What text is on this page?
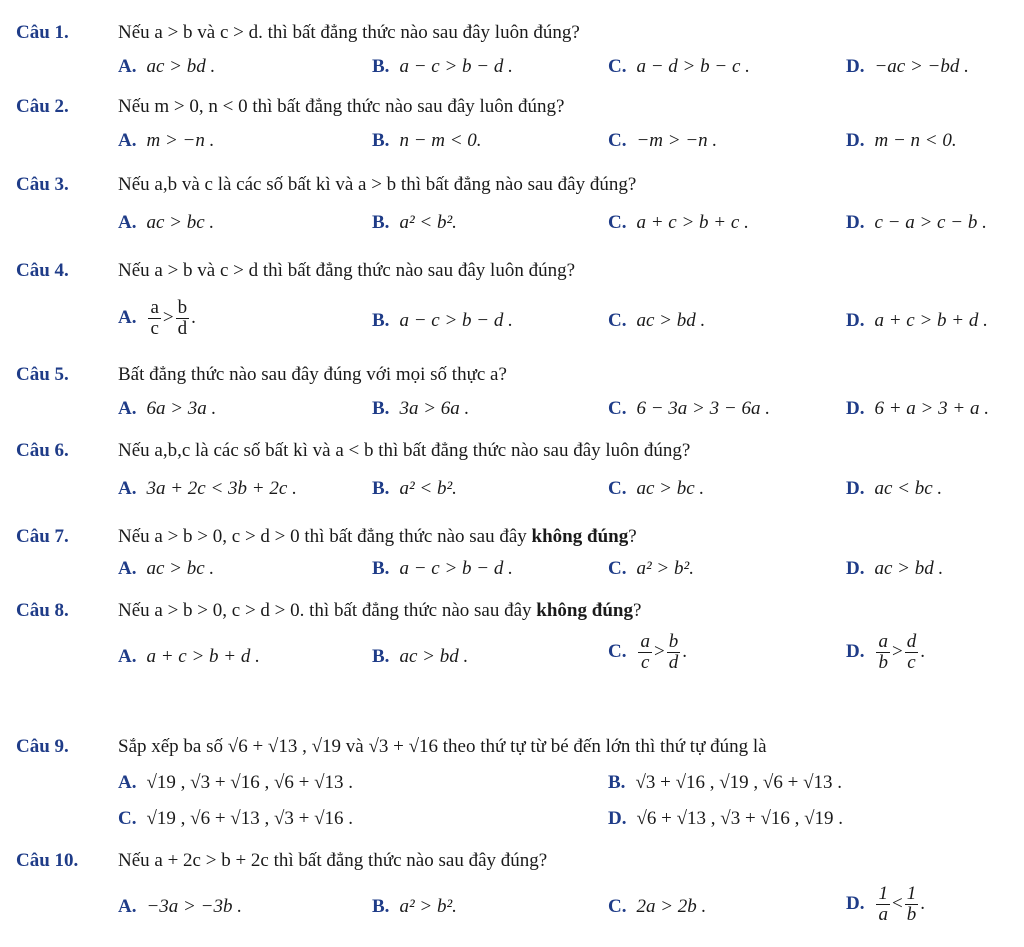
Câu 1.	Nếu a > b và c > d. thì bất đẳng thức nào sau đây luôn đúng?
A. ac > bd .	B. a − c > b − d .	C. a − d > b − c .	D. −ac > −bd .
Câu 2.	Nếu m > 0, n < 0 thì bất đẳng thức nào sau đây luôn đúng?
A. m > −n .	B. n − m < 0.	C. −m > −n .	D. m − n < 0.
Câu 3.	Nếu a,b và c là các số bất kì và a > b thì bất đẳng nào sau đây đúng?
A. ac > bc .	B. a² < b².	C. a + c > b + c .	D. c − a > c − b .
Câu 4.	Nếu a > b và c > d thì bất đẳng thức nào sau đây luôn đúng?
A. $\frac{a}{c} > \frac{b}{d}$ .	B. a − c > b − d .	C. ac > bd .	D. a + c > b + d .
Câu 5.	Bất đẳng thức nào sau đây đúng với mọi số thực a?
A. 6a > 3a .	B. 3a > 6a .	C. 6 − 3a > 3 − 6a .	D. 6 + a > 3 + a .
Câu 6.	Nếu a,b,c là các số bất kì và a < b thì bất đẳng thức nào sau đây luôn đúng?
A. 3a + 2c < 3b + 2c .	B. a² < b².	C. ac > bc .	D. ac < bc .
Câu 7.	Nếu a > b > 0, c > d > 0 thì bất đẳng thức nào sau đây không đúng?
A. ac > bc .	B. a − c > b − d .	C. a² > b².	D. ac > bd .
Câu 8.	Nếu a > b > 0, c > d > 0. thì bất đẳng thức nào sau đây không đúng?
A. a + c > b + d .	B. ac > bd .	C. $\frac{a}{c} > \frac{b}{d}$ .	D. $\frac{a}{b} > \frac{d}{c}$ .
Câu 9.	Sắp xếp ba số √6 + √13 , √19 và √3 + √16 theo thứ tự từ bé đến lớn thì thứ tự đúng là
A. √19 , √3 + √16 , √6 + √13 .	B. √3 + √16 , √19 , √6 + √13 .
C. √19 , √6 + √13 , √3 + √16 .	D. √6 + √13 , √3 + √16 , √19 .
Câu 10. Nếu a + 2c > b + 2c thì bất đẳng thức nào sau đây đúng?
A. −3a > −3b .	B. a² > b².	C. 2a > 2b .	D. $\frac{1}{a} < \frac{1}{b}$ .
